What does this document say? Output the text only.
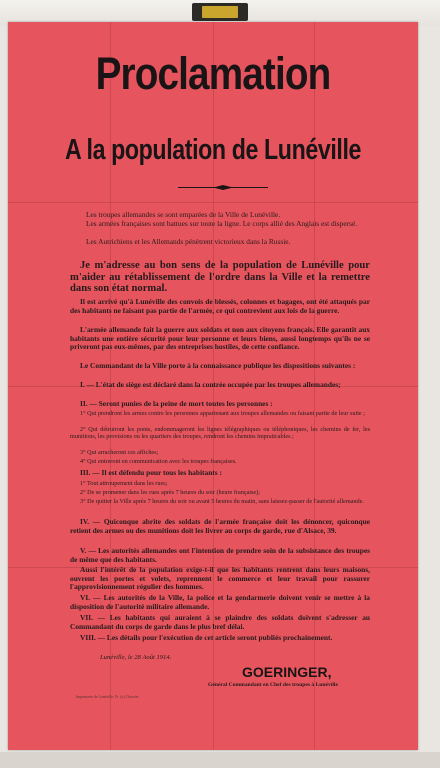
Proclamation
A la population de Lunéville
Les troupes allemandes se sont emparées de la Ville de Lunéville.
Les armées françaises sont battues sur toute la ligne. Le corps allié des Anglais est dispersé.
Les Autrichiens et les Allemands pénètrent victorieux dans la Russie.
Je m'adresse au bon sens de la population de Lunéville pour m'aider au rétablissement de l'ordre dans la Ville et la remettre dans son état normal.
Il est arrivé qu'à Lunéville des convois de blessés, colonnes et bagages, ont été attaqués par des habitants ne faisant pas partie de l'armée, ce qui contrevient aux lois de la guerre.
L'armée allemande fait la guerre aux soldats et non aux citoyens français. Elle garantit aux habitants une entière sécurité pour leur personne et leurs biens, aussi longtemps qu'ils ne se priveront pas eux-mêmes, par des entreprises hostiles, de cette confiance.
Le Commandant de la Ville porte à la connaissance publique les dispositions suivantes :
I. — L'état de siège est déclaré dans la contrée occupée par les troupes allemandes;
II. — Seront punies de la peine de mort toutes les personnes :
1° Qui prendront les armes contre les personnes appartenant aux troupes allemandes ou faisant partie de leur suite ;
2° Qui détruiront les ponts, endommageront les lignes télégraphiques ou téléphoniques, les chemins de fer, les munitions, les provisions ou les quartiers des troupes, rendront les chemins impraticables ;
3° Qui arracheront ces affiches;
4° Qui entreront en communication avec les troupes françaises.
III. — Il est défendu pour tous les habitants :
1° Tout attroupement dans les rues;
2° De se promener dans les rues après 7 heures du soir (heure française);
3° De quitter la Ville après 7 heures du soir ou avant 5 heures du matin, sans laissez-passer de l'autorité allemande.
IV. — Quiconque abrite des soldats de l'armée française doit les dénoncer, quiconque retient des armes ou des munitions doit les livrer au corps de garde, rue d'Alsace, 39.
V. — Les autorités allemandes ont l'intention de prendre soin de la subsistance des troupes de même que des habitants.
Aussi l'intérêt de la population exige-t-il que les habitants rentrent dans leurs maisons, ouvrent les portes et volets, reprennent le commerce et leur travail pour rassurer l'approvisionnement régulier des hommes.
VI. — Les autorités de la Ville, la police et la gendarmerie doivent venir se mettre à la disposition de l'autorité militaire allemande.
VII. — Les habitants qui auraient à se plaindre des soldats doivent s'adresser au Commandant du corps de garde dans le plus bref délai.
VIII. — Les détails pour l'exécution de cet article seront publiés prochainement.
Lunéville, le 28 Août 1914.
GOERINGER,
Général Commandant en Chef des troupes à Lunéville
Imprimerie de Lunéville, Fr. (x) Chevrier
